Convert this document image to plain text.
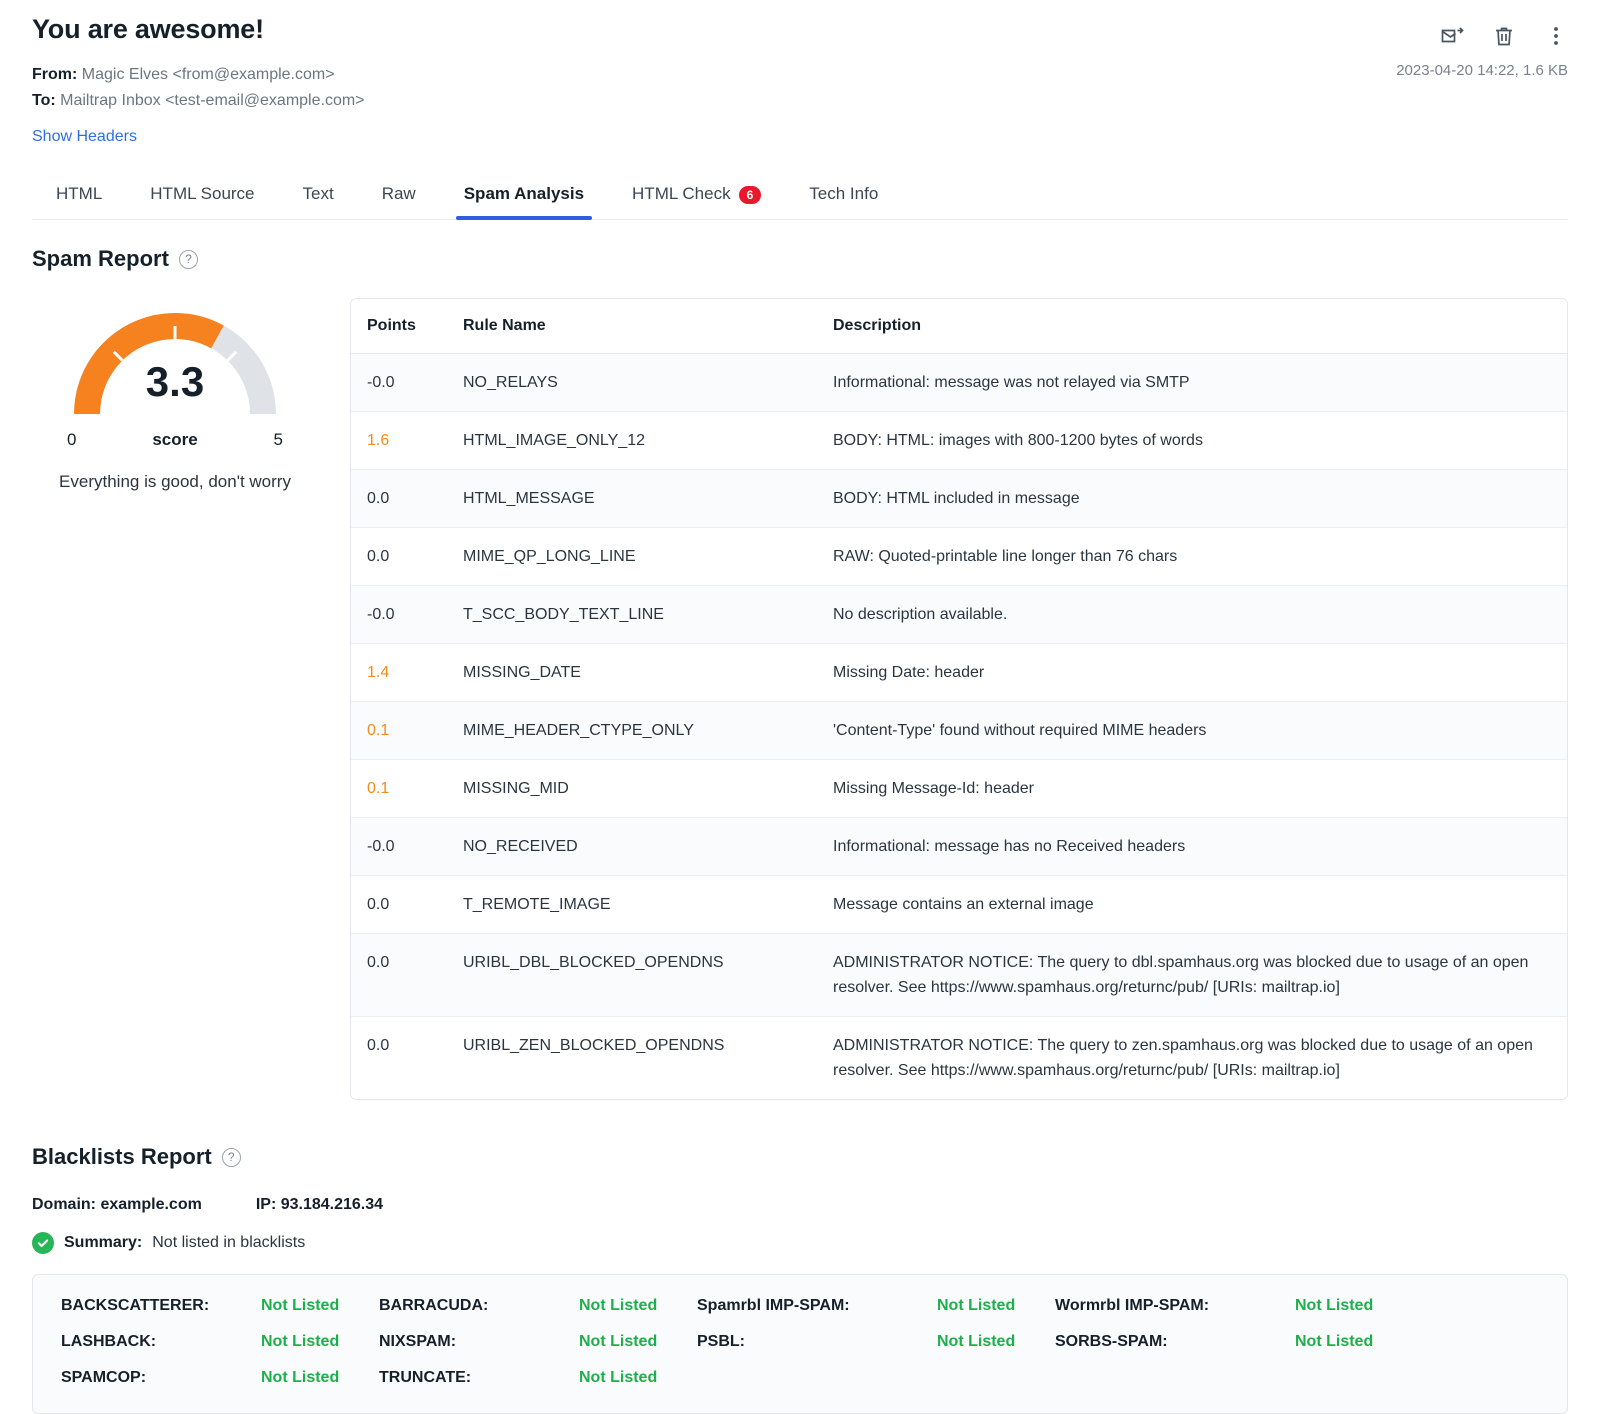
You are awesome!
From: Magic Elves <from@example.com>
To: Mailtrap Inbox <test-email@example.com>
2023-04-20 14:22, 1.6 KB
Show Headers
HTML	HTML Source	Text	Raw	Spam Analysis	HTML Check 6	Tech Info
Spam Report	?
3.3
0	score	5
Everything is good, don't worry
Points	Rule Name	Description
-0.0	NO_RELAYS	Informational: message was not relayed via SMTP
1.6	HTML_IMAGE_ONLY_12	BODY: HTML: images with 800-1200 bytes of words
0.0	HTML_MESSAGE	BODY: HTML included in message
0.0	MIME_QP_LONG_LINE	RAW: Quoted-printable line longer than 76 chars
-0.0	T_SCC_BODY_TEXT_LINE	No description available.
1.4	MISSING_DATE	Missing Date: header
0.1	MIME_HEADER_CTYPE_ONLY	'Content-Type' found without required MIME headers
0.1	MISSING_MID	Missing Message-Id: header
-0.0	NO_RECEIVED	Informational: message has no Received headers
0.0	T_REMOTE_IMAGE	Message contains an external image
0.0	URIBL_DBL_BLOCKED_OPENDNS	ADMINISTRATOR NOTICE: The query to dbl.spamhaus.org was blocked due to usage of an open resolver. See https://www.spamhaus.org/returnc/pub/ [URIs: mailtrap.io]
0.0	URIBL_ZEN_BLOCKED_OPENDNS	ADMINISTRATOR NOTICE: The query to zen.spamhaus.org was blocked due to usage of an open resolver. See https://www.spamhaus.org/returnc/pub/ [URIs: mailtrap.io]
Blacklists Report	?
Domain: example.com	IP: 93.184.216.34
Summary: Not listed in blacklists
BACKSCATTERER:	Not Listed	BARRACUDA:	Not Listed	Spamrbl IMP-SPAM:	Not Listed	Wormrbl IMP-SPAM:	Not Listed
LASHBACK:	Not Listed	NIXSPAM:	Not Listed	PSBL:	Not Listed	SORBS-SPAM:	Not Listed
SPAMCOP:	Not Listed	TRUNCATE:	Not Listed
